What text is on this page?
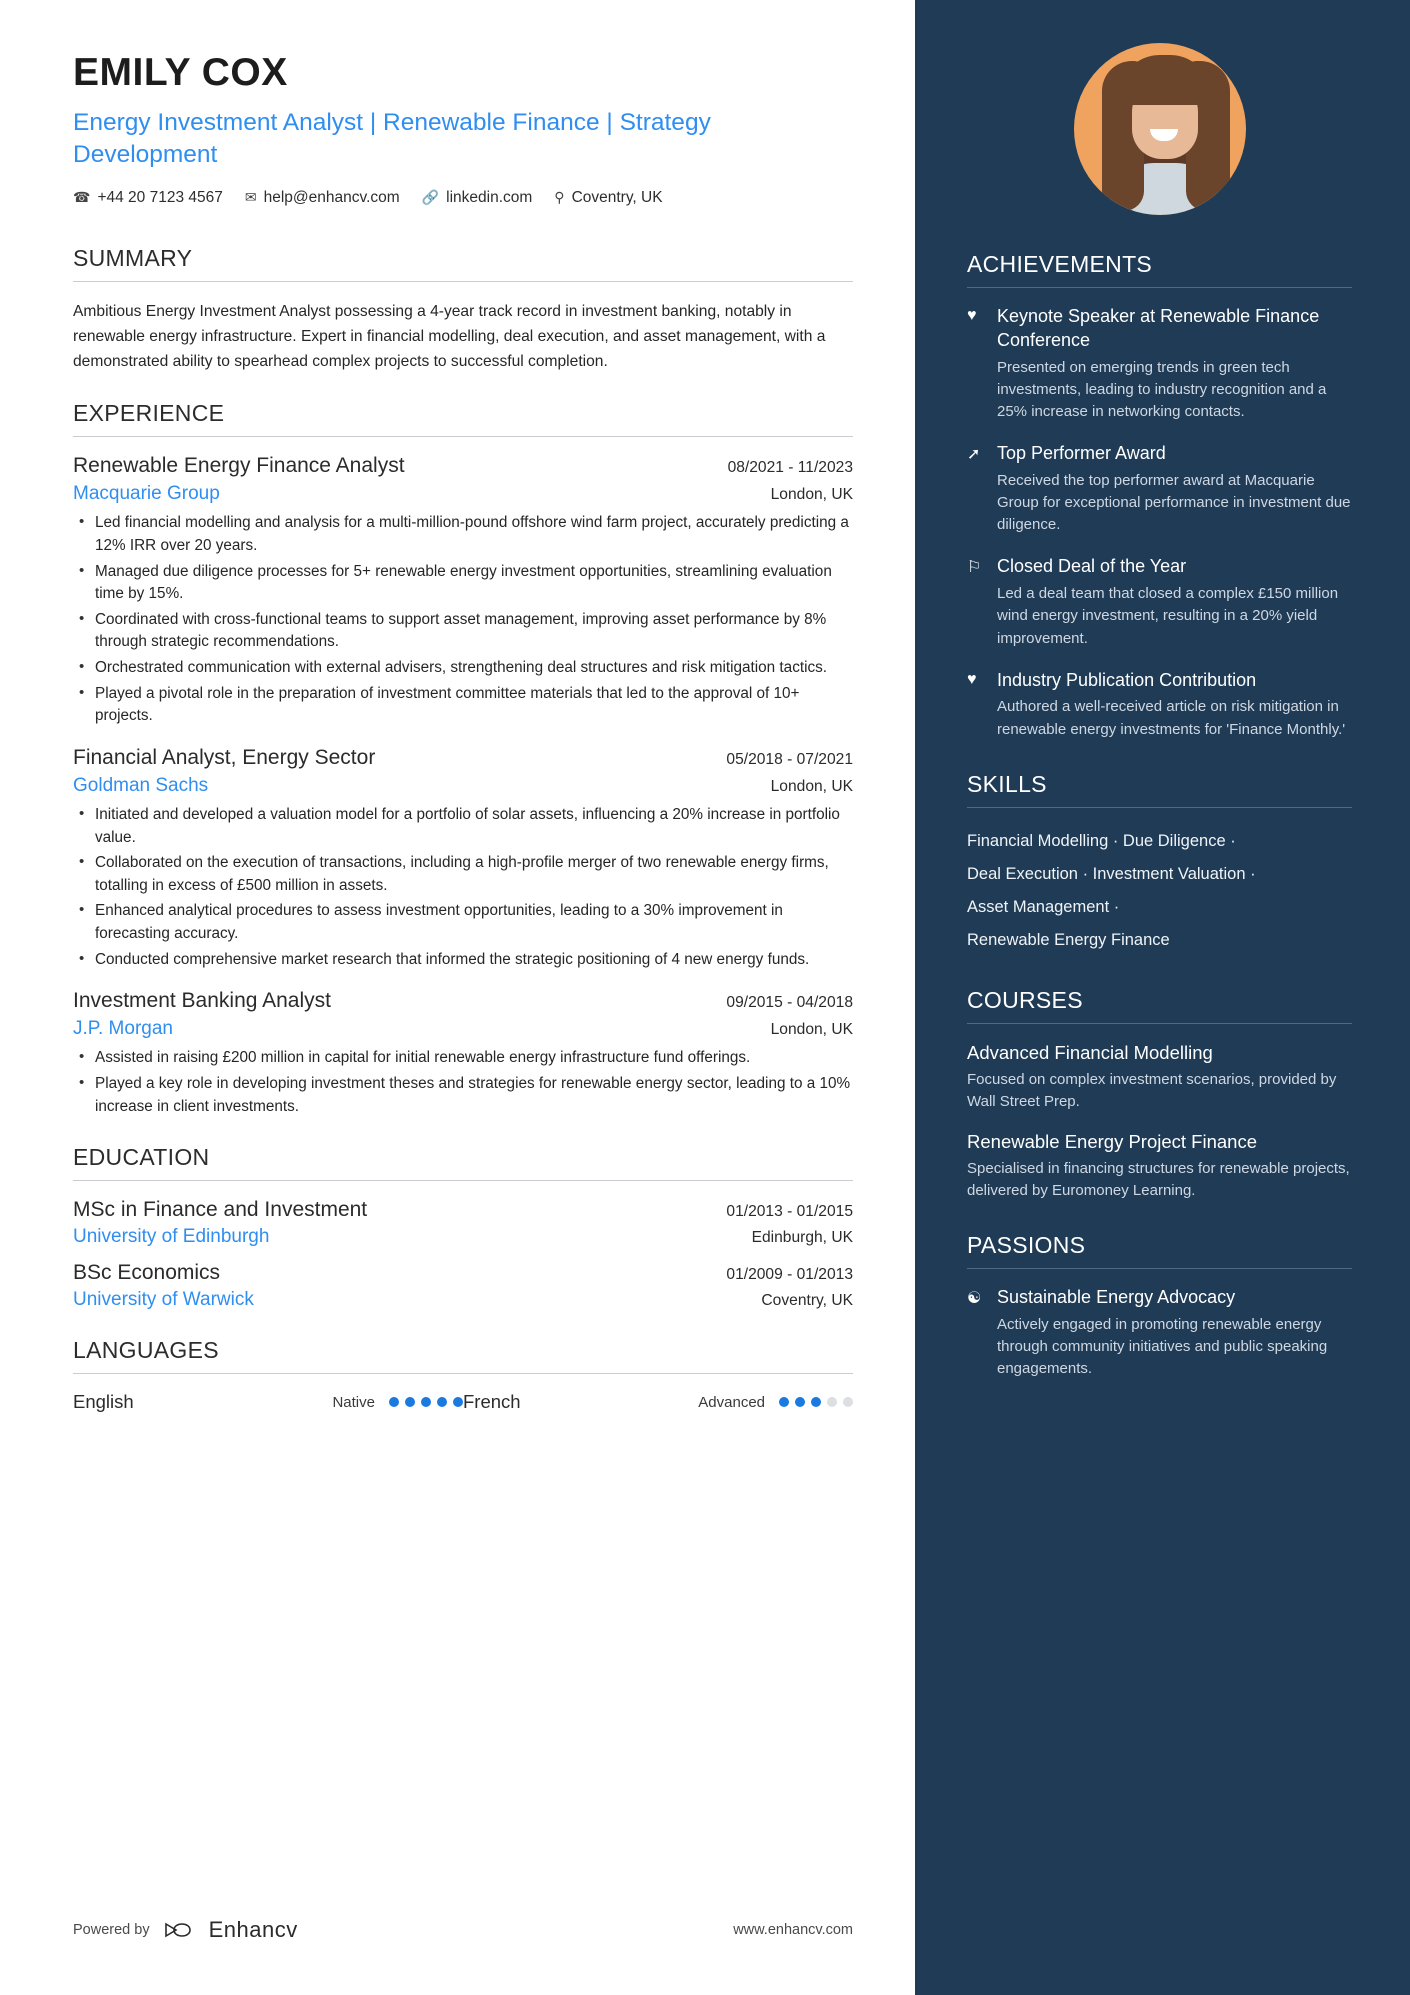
EMILY COX
Energy Investment Analyst | Renewable Finance | Strategy Development
☎ +44 20 7123 4567 ✉ help@enhancv.com 🔗 linkedin.com ⚲ Coventry, UK
SUMMARY
Ambitious Energy Investment Analyst possessing a 4-year track record in investment banking, notably in renewable energy infrastructure. Expert in financial modelling, deal execution, and asset management, with a demonstrated ability to spearhead complex projects to successful completion.
EXPERIENCE
Renewable Energy Finance Analyst	08/2021 - 11/2023
Macquarie Group	London, UK
• Led financial modelling and analysis for a multi-million-pound offshore wind farm project, accurately predicting a 12% IRR over 20 years.
• Managed due diligence processes for 5+ renewable energy investment opportunities, streamlining evaluation time by 15%.
• Coordinated with cross-functional teams to support asset management, improving asset performance by 8% through strategic recommendations.
• Orchestrated communication with external advisers, strengthening deal structures and risk mitigation tactics.
• Played a pivotal role in the preparation of investment committee materials that led to the approval of 10+ projects.
Financial Analyst, Energy Sector	05/2018 - 07/2021
Goldman Sachs	London, UK
• Initiated and developed a valuation model for a portfolio of solar assets, influencing a 20% increase in portfolio value.
• Collaborated on the execution of transactions, including a high-profile merger of two renewable energy firms, totalling in excess of £500 million in assets.
• Enhanced analytical procedures to assess investment opportunities, leading to a 30% improvement in forecasting accuracy.
• Conducted comprehensive market research that informed the strategic positioning of 4 new energy funds.
Investment Banking Analyst	09/2015 - 04/2018
J.P. Morgan	London, UK
• Assisted in raising £200 million in capital for initial renewable energy infrastructure fund offerings.
• Played a key role in developing investment theses and strategies for renewable energy sector, leading to a 10% increase in client investments.
EDUCATION
MSc in Finance and Investment	01/2013 - 01/2015
University of Edinburgh	Edinburgh, UK
BSc Economics	01/2009 - 01/2013
University of Warwick	Coventry, UK
LANGUAGES
English	Native	French	Advanced
Powered by	Enhancv	www.enhancv.com
ACHIEVEMENTS
♥	Keynote Speaker at Renewable Finance Conference
Presented on emerging trends in green tech investments, leading to industry recognition and a 25% increase in networking contacts.
➚ Top Performer Award
Received the top performer award at Macquarie Group for exceptional performance in investment due diligence.
⚐ Closed Deal of the Year
Led a deal team that closed a complex £150 million wind energy investment, resulting in a 20% yield improvement.
♥	Industry Publication Contribution
Authored a well-received article on risk mitigation in renewable energy investments for 'Finance Monthly.'
SKILLS
Financial Modelling · Due Diligence ·
Deal Execution · Investment Valuation ·
Asset Management ·
Renewable Energy Finance
COURSES
Advanced Financial Modelling
Focused on complex investment scenarios, provided by Wall Street Prep.
Renewable Energy Project Finance
Specialised in financing structures for renewable projects, delivered by Euromoney Learning.
PASSIONS
☯ Sustainable Energy Advocacy
Actively engaged in promoting renewable energy through community initiatives and public speaking engagements.
